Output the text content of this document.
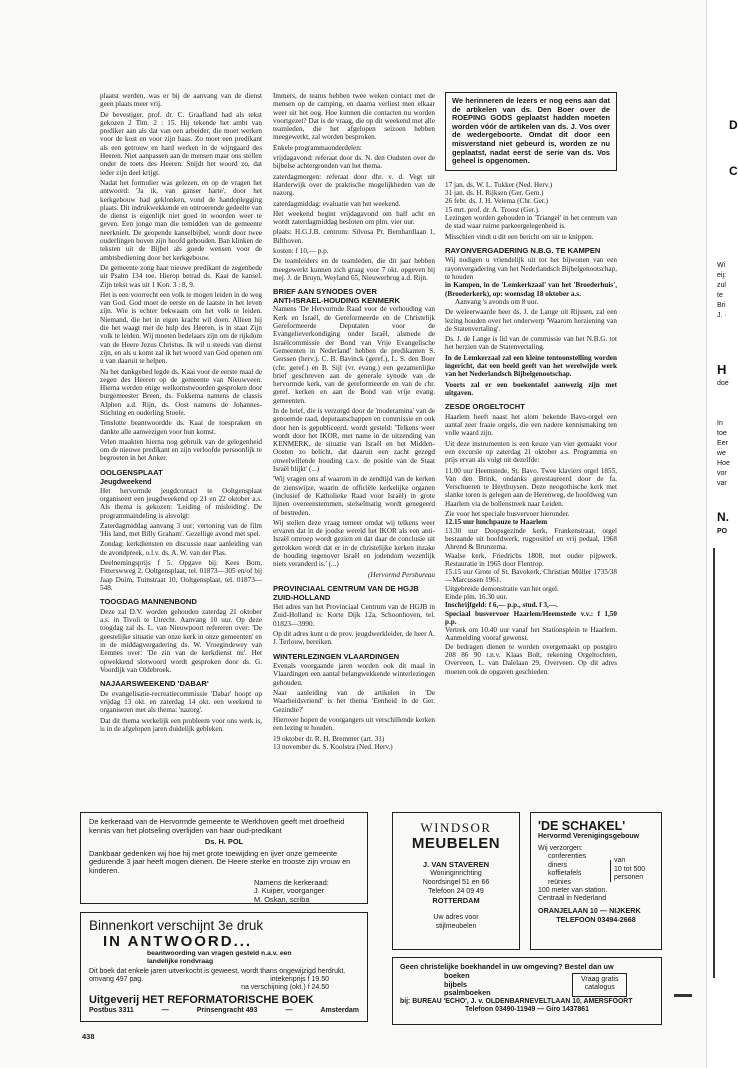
plaatst werden, was er bij de aanvang van de dienst geen plaats meer vrij.

De bevestiger, prof. dr. C. Graafland had als tekst gekozen 2 Tim. 2 : 15. Hij tekende het ambt van prediker aan als dat van een arbeider, die moet werken voor de kost en voor zijn baas. Zo moet een predikant als een getrouw en hard werken in de wijngaard des Heeren. Niet aanpassen aan de mensen maar ons stellen onder de toets des Heeren. Snijdt het woord zo, dat ieder zijn deel krijgt.

Nadat het formulier was gelezen, en op de vragen het antwoord: 'Ja ik, van ganser harte', door het kerkgebouw had geklonken, vond de handoplegging plaats. Dit indrukwekkende en ontroerende gedeelte van de dienst is eigenlijk niet goed in woorden weer te geven. Een jonge man die temidden van de gemeente neerknielt. De geopende kanselbijbel, wordt door twee ouderlingen boven zijn hoofd gehouden. Ban klinken de teksten uit de Bijbel als goede wensen voor de ambtsbediening door het kerkgebouw.

De gemeente zong haar nieuwe predikant de zegenbede uit Psalm 134 toe. Hierop betrad ds. Kaai de kansel. Zijn tekst was uit 1 Kon. 3 : 8, 9.

Het is een voorrecht een volk te mogen leiden in de weg van God. God moet de eerste en de laatste in het leven zijn. Wie is echter bekwaam om het volk te leiden. Niemand, die het in eigen kracht wil doen. Alleen hij die het waagt met de hulp des Heeren, is in staat Zijn volk te leiden. Wij moeten bedelaars zijn om de rijkdom van de Heere Jezus Christus. Ik wil u steeds van dienst zijn, en als u komt zal ik het woord van God openen om u van daaruit te helpen.

Na het dankgebed legde ds. Kaai voor de eerste maal de zegen des Heeren op de gemeente van Nieuwveen. Hierna werden enige welkomstwoorden gesproken door burgemeester Breen, ds. Fokkema namens de classis Alphen a.d. Rijn, ds. Oost namens de Johannes-Stichting en ouderling Stoele.

Tenslotte beantwoordde ds. Kaai de toespraken en dankte alle aanwezigen voor hun komst.

Velen maakten hierna nog gebruik van de gelegenheid om de nieuwe predikant en zijn verloofde persoonlijk te begroeten in het Anker.

OOLGENSPLAAT
Jeugdweekend

Het hervormde jeugdcontact te Ooltgensplaat organiseert een jeugdweekend op 21 en 22 oktober a.s. Als thema is gekozen: 'Leiding of misleiding'. De programmaindeling is alsvolgt:

Zaterdagmiddag aanvang 3 uur; vertoning van de film 'His land, met Billy Graham'. Gezellige avond met spel.

Zondag: kerkdiensten en discussie naar aanleiding van de avondpreek, o.l.v. ds. A. W. van der Plas.

Deelnemingsprijs f 5. Opgave bij: Kees Bom, Fitterswweg 2, Ooltgensplaat, tel. 01873—305 en/of bij Jaap Duim, Tuinstraat 10, Ooltgensplaat, tel. 01873—548.

TOOGDAG MANNENBOND

Deze zal D.V. worden gehouden zaterdag 21 oktober a.s. in Tivoli te Utrecht. Aanvang 10 uur. Op deze toogdag zal ds. L. van Nieuwpoort refereren over: 'De geestelijke situatie van onze kerk in onze gemeenten' en in de middagvergadering ds. W. Vroegindewey van Eemnes over: 'De zin van de kerkdienst nu'. Het opwekkend slotwoord wordt gesproken door ds. G. Voordijk van Oldebroek.

NAJAARSWEEKEND 'DABAR'

De evangelisatie-recreatiecommissie 'Dabar' hoopt op vrijdag 13 okt. en zaterdag 14 okt. een weekend te organiseren met als thema: 'nazorg'.

Dat dit thema werkelijk een probleem voor ons werk is, is in de afgelopen jaren duidelijk gebleken.

Immers, de teams hebben twee weken contact met de mensen op de camping, en daarna verliest men elkaar weer uit het oog. Hoe kunnen die contacten nu worden voortgezet? Dat is de vraag, die op dit weekend met alle teamleden, die het afgelopen seizoen hebben meegewerkt, zal worden besproken.

Enkele programmaonderdelen:

vrijdagavond: referaat door ds. N. den Oudsten over de bijbelse achtergronden van het thema.

zaterdagmorgen: referaat door dhr. v. d. Vegt uit Harderwijk over de praktische mogelijkheden van de nazorg.

zaterdagmiddag: evaluatie van het weekend.

Het weekend begint vrijdagavond om half acht en wordt zaterdagmiddag besloten om plm. vier uur.

plaats: H.G.J.B. centrum: Silvosa Pr. Bernhardlaan 1, Bilthoven.

kosten: f 10,— p.p.

De teamleiders en de teamleden, die dit jaar hebben meegewerkt kunnen zich graag voor 7 okt. opgeven bij mej. J. de Bruyn, Weyland 65, Nieuwerbrug a.d. Rijn.

BRIEF AAN SYNODES OVER
ANTI-ISRAEL-HOUDING KENMERK

Namens 'De Hervormde Raad voor de verhouding van Kerk en Israël, de Gereformeerde en de Christelijk Gereformeerde Deputaten voor de Evangelieverkondiging onder Israël, alsmede de Israëlcommissie der Bond van Vrije Evangelische Gemeenten in Nederland' hebben de predikanten S. Gerssen (herv.), C. B. Bavinck (geref.), L. S. den Boer (chr. geref.) en B. Sijl (vr. evang.) een gezamenlijke brief geschreven aan de generale synode van de hervormde kerk, van de gereformeerde en van de chr. geref. kerken en aan de Bond van vrije evang. gemeenten.

In de brief, die is verzorgd door de 'moderamina' van de genoemde raad, deputaatschappen en commissie en ook door hen is gepubliceerd, wordt gesteld: 'Telkens weer wordt door het IKOR, met name in de uitzending van KENMERK, de situatie van Israël en het Midden-Oosten zo belicht, dat daaruit een zacht gezegd onwelwillende houding t.a.v. de positie van de Staat Israël blijkt' (...)

'Wij vragen ons af waarom in de zendtijd van de kerken de zienswijze, waarin de officiële kerkelijke organen (inclusief de Katholieke Raad voor Israël) in grote lijnen overeenstemmen, stelselmatig wordt genegeerd of bestreden.

Wij stellen deze vraag temeer omdat wij telkens weer ervaren dat in de joodse wereld het IKOR als een anti-Israël omroep wordt gezien en dat daar de conclusie uit getrokken wordt dat er in de christelijke kerken inzake de houding tegenover Israël en jodendom wezenlijk niets veranderd is.' (...)

(Hervormd Persbureau

PROVINCIAAL CENTRUM VAN DE HGJB
ZUID-HOLLAND

Het adres van het Provinciaal Centrum van de HGJB in Zuid-Holland is: Korte Dijk 12a, Schoonhoven, tel. 01823—3990.

Op dit adres kunt u de prov. jeugdwerkleider, de heer A. J. Terlouw, bereiken.

WINTERLEZINGEN VLAARDINGEN

Evenals voorgaande jaren worden ook dit maal in Vlaardingen een aantal belangwekkende winterlezingen gehouden.

Naar aanleiding van de artikelen in 'De Waarheidsvriend' is het thema 'Eenheid in de Ger. Gezindte?'

Hierover hopen de voorgangers uit verschillende kerken een lezing te houden.

19 oktober dr. R. H. Bremmer (art. 31)

13 november ds. S. Koolstra (Ned. Herv.)

We herinneren de lezers er nog eens aan dat de artikelen van ds. Den Boer over de ROEPING GODS geplaatst hadden moeten worden vóór de artikelen van ds. J. Vos over de wedergeboorte. Omdat dit door een misverstand niet gebeurd is, worden ze nu geplaatst, nadat eerst de serie van ds. Vos geheel is opgenomen.

17 jan. ds. W. L. Tukker (Ned. Herv.)

31 jan. ds. H. Rijksen (Ger. Gem.)

26 febr. ds. J. H. Velema (Chr. Ger.)

15 mrt. prof. dr. A. Troost (Ger.).

Lezingen worden gehouden in 'Triangel' in het centrum van de stad waar ruime parkeergelegenheid is.

Misschien vindt u dit een bericht om uit te knippen.

RAYONVERGADERING N.B.G. TE KAMPEN

Wij nodigen u vriendelijk uit tot het bijwonen van een rayonvergadering van het Nederlandsch Bijbelgenootschap, te houden

in Kampen, in de 'Lemkerkzaal' van het 'Broederhuis', (Broederkerk), op: woensdag 18 oktober a.s.

Aanvang 's avonds om 8 uur.

De weleerwaarde heer ds. J. de Lange uit Rijssen, zal een lezing houden over het onderwerp 'Waarom herziening van de Statenvertaling'.

Ds. J. de Lange is lid van de commissie van het N.B.G. tot het herzien van de Statenvertaling.

In de Lemkerzaal zal een kleine tentoonstelling worden ingericht, dat een beeld geeft van het werelwijde werk van het Nederlandsch Bijbelgenootschap.

Voorts zal er een boekentafel aanwezig zijn met uitgaven.

ZESDE ORGELTOCHT

Haarlem heeft naast het alom bekende Bavo-orgel een aantal zeer fraaie orgels, die een nadere kennismaking ten volle waard zijn.

Uit deze instrumenten is een keuze van vier gemaakt voor een excursie op zaterdag 21 oktober a.s. Programma en prijs ervan als volgt uit dezelfde:

11.00 uur Heemstede, St. Bavo. Twee klaviers orgel 1855, Van den Brink, ondanks gerestaureerd door de fa. Verschueren te Heythuysen. Deze neogothische kerk met slanke toren is gelegen aan de Herenweg, de hoofdweg van Haarlem via de bollenstreek naar Leiden.

Zie voor het speciale busvervoer hieronder.

12.15 uur lunchpauze te Haarlem

13.30 uur Doopsgezinde kerk, Frankenstraat, orgel bestaande uit hoofdwerk, rugpositief en vrij pedaal, 1968 Ahrend & Brunzema.

Waalse kerk, Friedrichs 1808, met ouder pijpwerk. Restauratie in 1965 door Flentrop.

15.15 uur Grote of St. Bavokerk, Christian Müller 1735/38—Marcussen 1961.

Uitgebreide demonstratie van het orgel.

Einde plm. 16.30 uur.

Inschrijfgeld: f 6,— p.p., stud. f 3,—.

Speciaal busvervoer Haarlem/Heemstede v.v.: f 1,50 p.p.

Vertrek om 10.40 uur vanaf het Stationsplein te Haarlem. Aanmelding vooraf gewenst.

De bedragen dienen te worden overgemaakt op postgiro 208 86 90 t.n.v. Klaas Bolt, rekening Orgeltochten, Overveen, L. van Dalelaan 29, Overveen. Op dit adres moeten ook de opgaven geschieden.

De kerkeraad van de Hervormde gemeente te Werkhoven geeft met droefheid kennis van het plotseling overlijden van haar oud-predikant
Ds. H. POL
Dankbaar gedenken wij hoe hij met grote toewijding en ijver onze gemeente gedurende 3 jaar heeft mogen dienen. De Heere sterke en trooste zijn vrouw en kinderen.
Namens de kerkeraad:
J. Kuiper, voorganger
M. Oskan, scriba
Binnenkort verschijnt 3e druk
IN ANTWOORD...
beantwoording van vragen gesteld n.a.v. een landelijke rondvraag
Dit boek dat enkele jaren uitverkocht is geweest, wordt thans ongewijzigd herdrukt.
omvang 497 pag.	intekenprijs f 19.50
na verschijning (okt.) f 24.50
Uitgeverij HET REFORMATORISCHE BOEK
Postbus 3311	—	Prinsengracht 493	—	Amsterdam
WINDSOR
MEUBELEN
J. VAN STAVEREN
Woninginrichting
Noordsingel 51 en 66
Telefoon 24 09 49
ROTTERDAM
Uw adres voor
stijlmeubelen
'DE SCHAKEL'
Hervormd Verenigingsgebouw
Wij verzorgen:
conferenties
diners
koffietafels
reünies
van
10 tot 500
personen
100 meter van station.
Centraal in Nederland
ORANJELAAN 10 — NIJKERK
TELEFOON 03494-2668
Geen christelijke boekhandel in uw omgeving? Bestel dan uw
boeken
bijbels
psalmboeken
Vraag gratis
catalogus
bij: BUREAU 'ECHO', J. v. OLDENBARNEVELTLAAN 10, AMERSFOORT
Telefoon 03490-11949 — Giro 1437861
438
D
C
Wi
eij:
zul
te
Bri
J. ·
H
doe
In
toe
Eer
we
Hoe
vor
var
N.
PO
